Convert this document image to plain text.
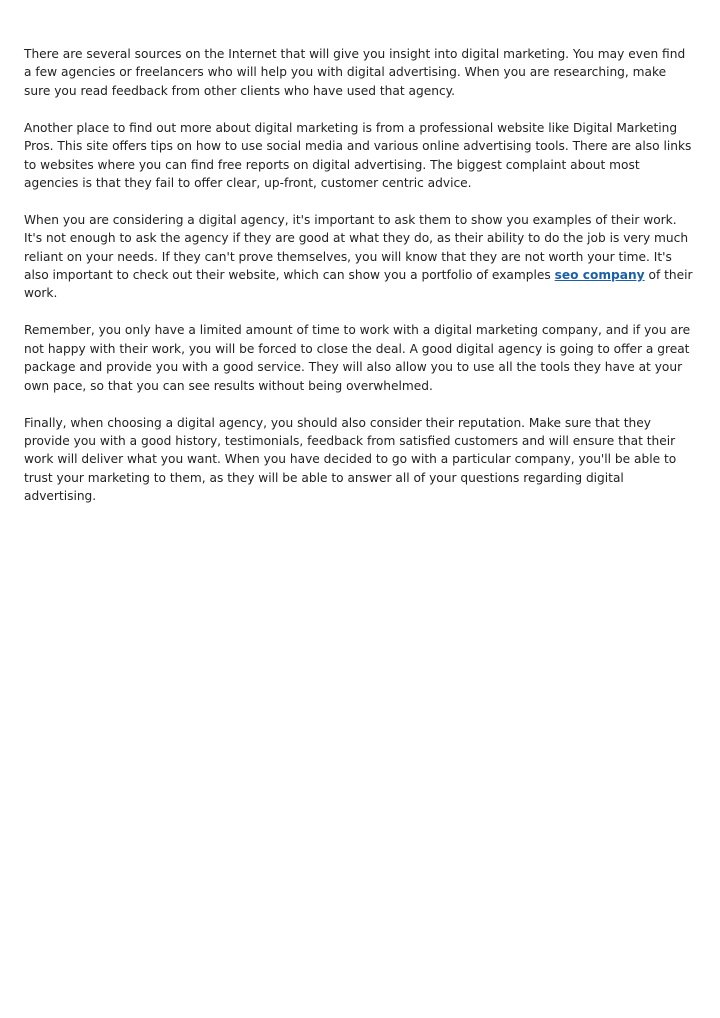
There are several sources on the Internet that will give you insight into digital marketing. You may even find a few agencies or freelancers who will help you with digital advertising. When you are researching, make sure you read feedback from other clients who have used that agency.

Another place to find out more about digital marketing is from a professional website like Digital Marketing Pros. This site offers tips on how to use social media and various online advertising tools. There are also links to websites where you can find free reports on digital advertising. The biggest complaint about most agencies is that they fail to offer clear, up-front, customer centric advice.

When you are considering a digital agency, it's important to ask them to show you examples of their work. It's not enough to ask the agency if they are good at what they do, as their ability to do the job is very much reliant on your needs. If they can't prove themselves, you will know that they are not worth your time. It's also important to check out their website, which can show you a portfolio of examples seo company of their work.

Remember, you only have a limited amount of time to work with a digital marketing company, and if you are not happy with their work, you will be forced to close the deal. A good digital agency is going to offer a great package and provide you with a good service. They will also allow you to use all the tools they have at your own pace, so that you can see results without being overwhelmed.

Finally, when choosing a digital agency, you should also consider their reputation. Make sure that they provide you with a good history, testimonials, feedback from satisfied customers and will ensure that their work will deliver what you want. When you have decided to go with a particular company, you'll be able to trust your marketing to them, as they will be able to answer all of your questions regarding digital advertising.
